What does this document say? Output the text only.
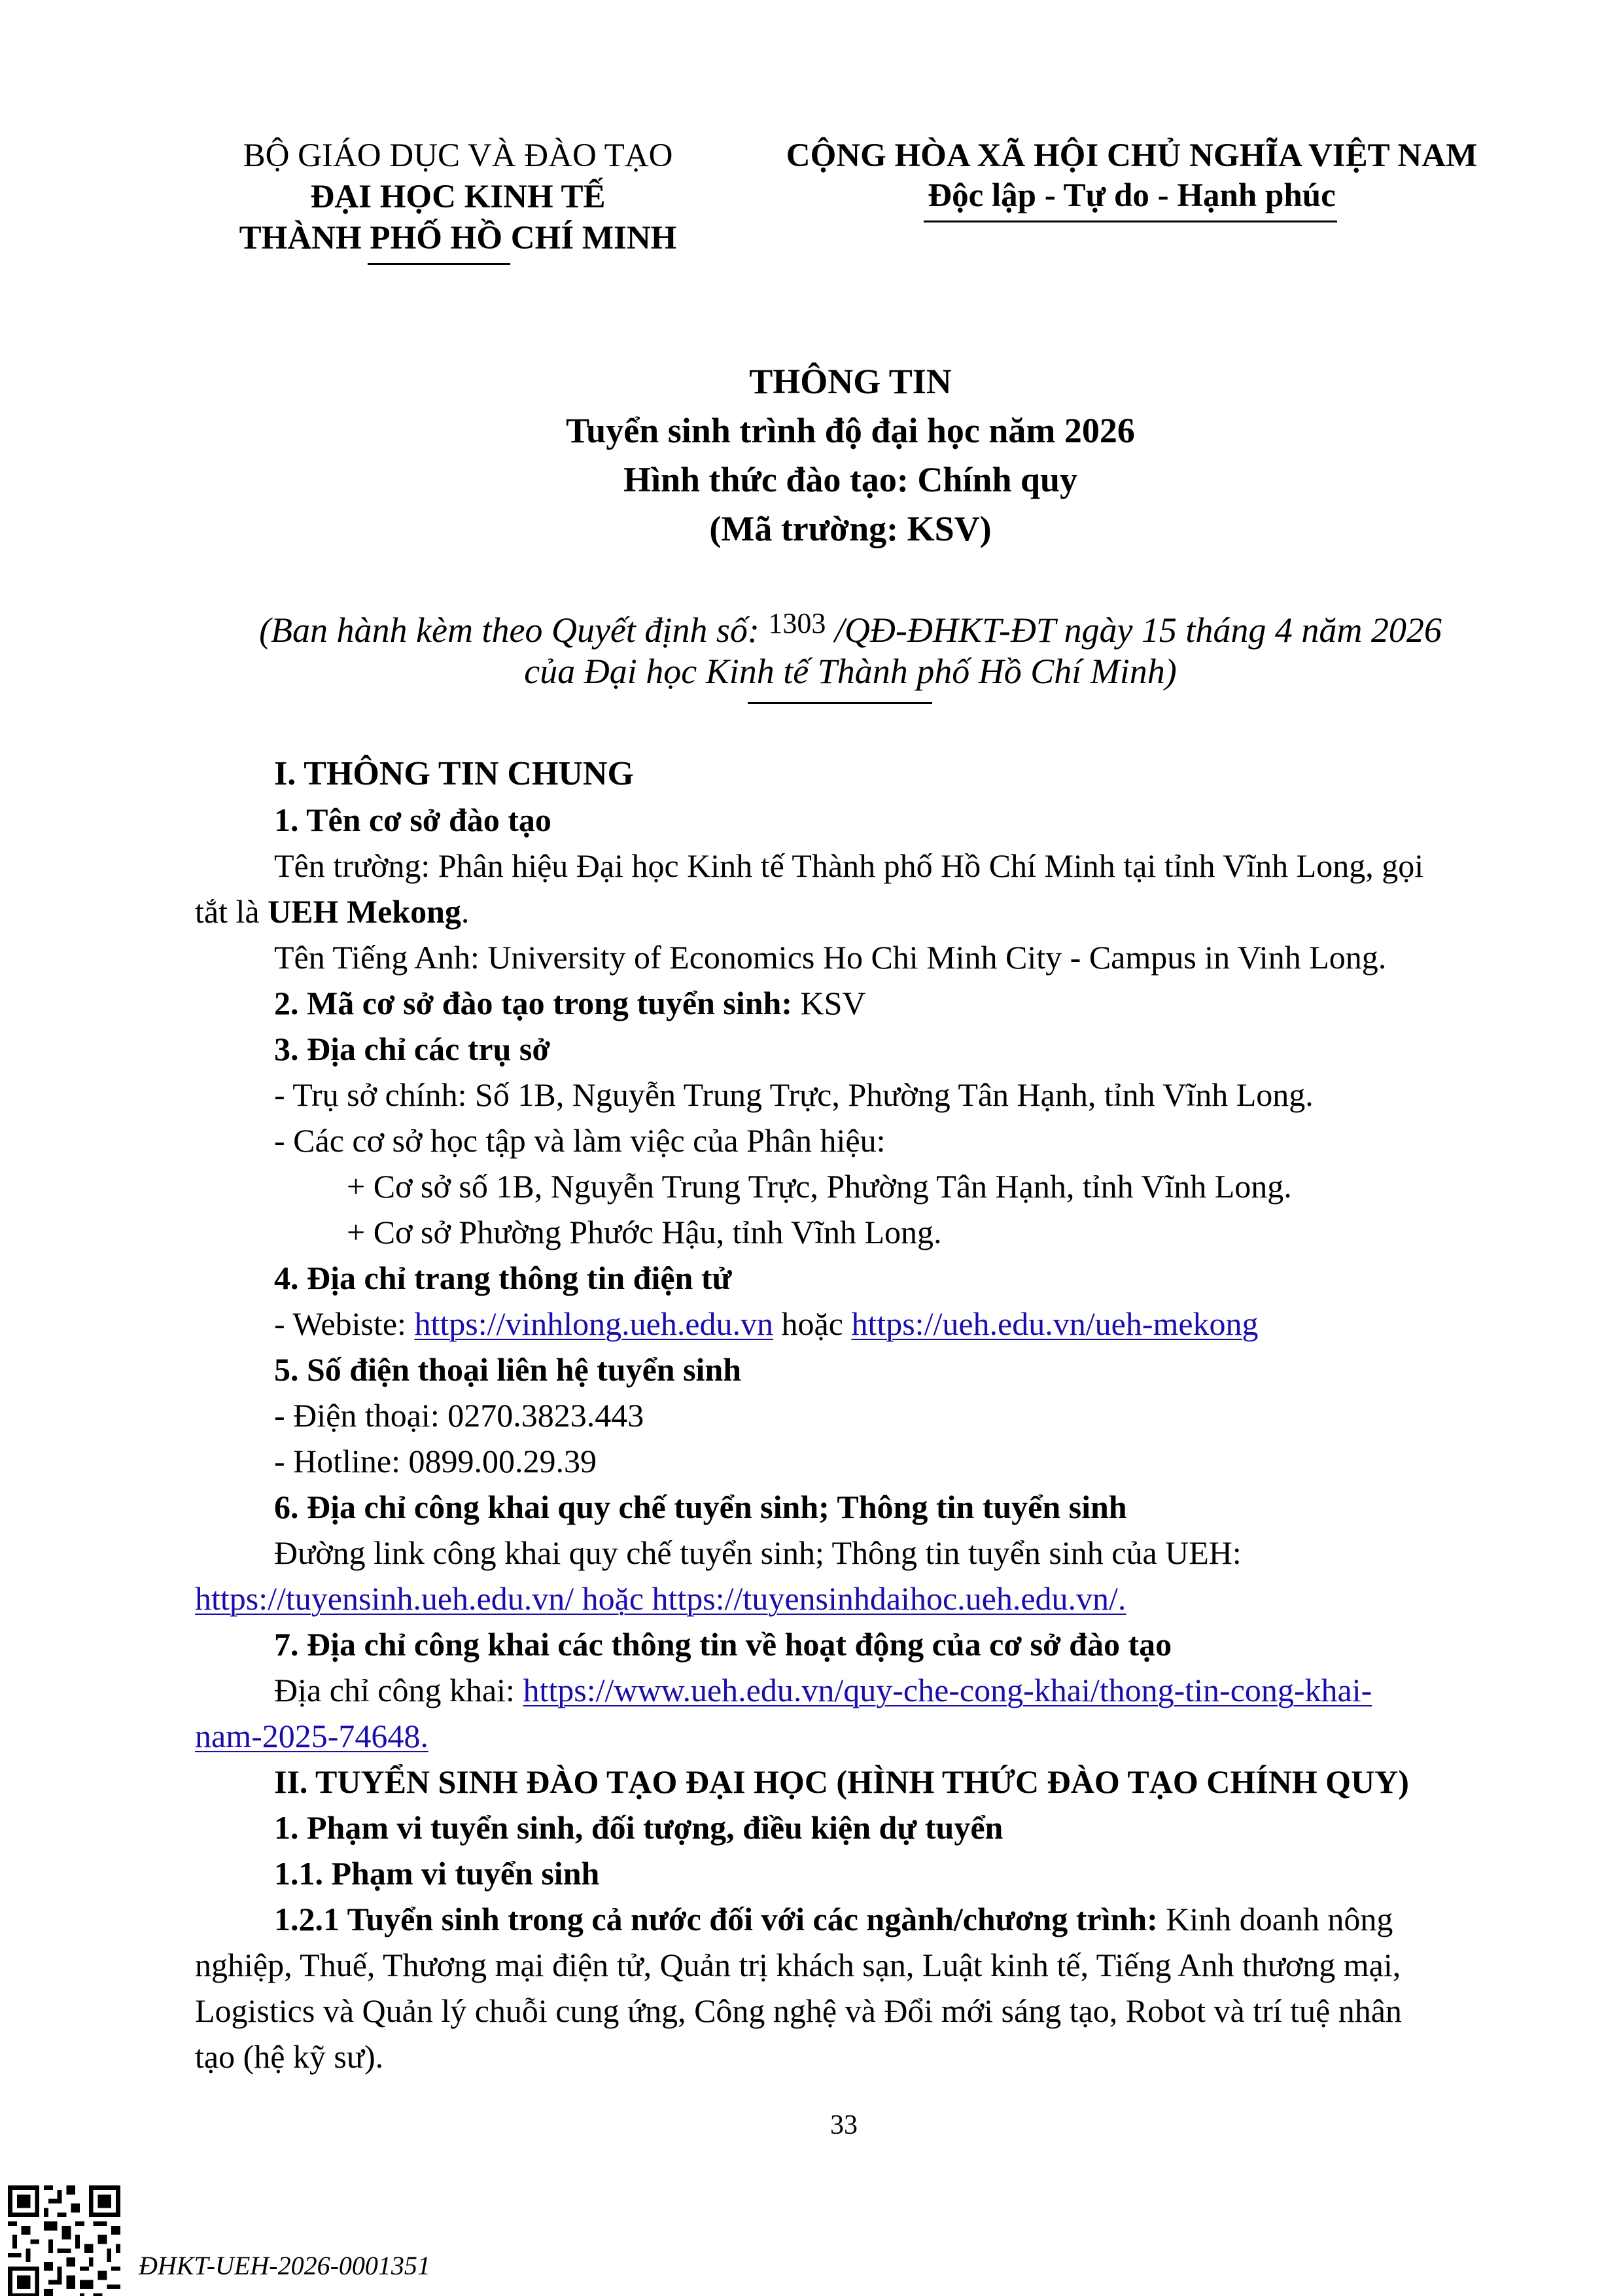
BỘ GIÁO DỤC VÀ ĐÀO TẠO
ĐẠI HỌC KINH TẾ
THÀNH PHỐ HỒ CHÍ MINH
CỘNG HÒA XÃ HỘI CHỦ NGHĨA VIỆT NAM
Độc lập - Tự do - Hạnh phúc
THÔNG TIN
Tuyển sinh trình độ đại học năm 2026
Hình thức đào tạo: Chính quy
(Mã trường: KSV)
(Ban hành kèm theo Quyết định số: $^{1303}$ /QĐ-ĐHKT-ĐT ngày 15 tháng 4 năm 2026
của Đại học Kinh tế Thành phố Hồ Chí Minh)
I. THÔNG TIN CHUNG
1. Tên cơ sở đào tạo
Tên trường: Phân hiệu Đại học Kinh tế Thành phố Hồ Chí Minh tại tỉnh Vĩnh Long, gọi
tắt là UEH Mekong.
Tên Tiếng Anh: University of Economics Ho Chi Minh City - Campus in Vinh Long.
2. Mã cơ sở đào tạo trong tuyển sinh: KSV
3. Địa chỉ các trụ sở
- Trụ sở chính: Số 1B, Nguyễn Trung Trực, Phường Tân Hạnh, tỉnh Vĩnh Long.
- Các cơ sở học tập và làm việc của Phân hiệu:
+ Cơ sở số 1B, Nguyễn Trung Trực, Phường Tân Hạnh, tỉnh Vĩnh Long.
+ Cơ sở Phường Phước Hậu, tỉnh Vĩnh Long.
4. Địa chỉ trang thông tin điện tử
- Webiste: https://vinhlong.ueh.edu.vn hoặc https://ueh.edu.vn/ueh-mekong
5. Số điện thoại liên hệ tuyển sinh
- Điện thoại: 0270.3823.443
- Hotline: 0899.00.29.39
6. Địa chỉ công khai quy chế tuyển sinh; Thông tin tuyển sinh
Đường link công khai quy chế tuyển sinh; Thông tin tuyển sinh của UEH:
https://tuyensinh.ueh.edu.vn/ hoặc https://tuyensinhdaihoc.ueh.edu.vn/.
7. Địa chỉ công khai các thông tin về hoạt động của cơ sở đào tạo
Địa chỉ công khai: https://www.ueh.edu.vn/quy-che-cong-khai/thong-tin-cong-khai-
nam-2025-74648.
II. TUYỂN SINH ĐÀO TẠO ĐẠI HỌC (HÌNH THỨC ĐÀO TẠO CHÍNH QUY)
1. Phạm vi tuyển sinh, đối tượng, điều kiện dự tuyển
1.1. Phạm vi tuyển sinh
1.2.1 Tuyển sinh trong cả nước đối với các ngành/chương trình: Kinh doanh nông
nghiệp, Thuế, Thương mại điện tử, Quản trị khách sạn, Luật kinh tế, Tiếng Anh thương mại,
Logistics và Quản lý chuỗi cung ứng, Công nghệ và Đổi mới sáng tạo, Robot và trí tuệ nhân
tạo (hệ kỹ sư).
33
ĐHKT-UEH-2026-0001351
